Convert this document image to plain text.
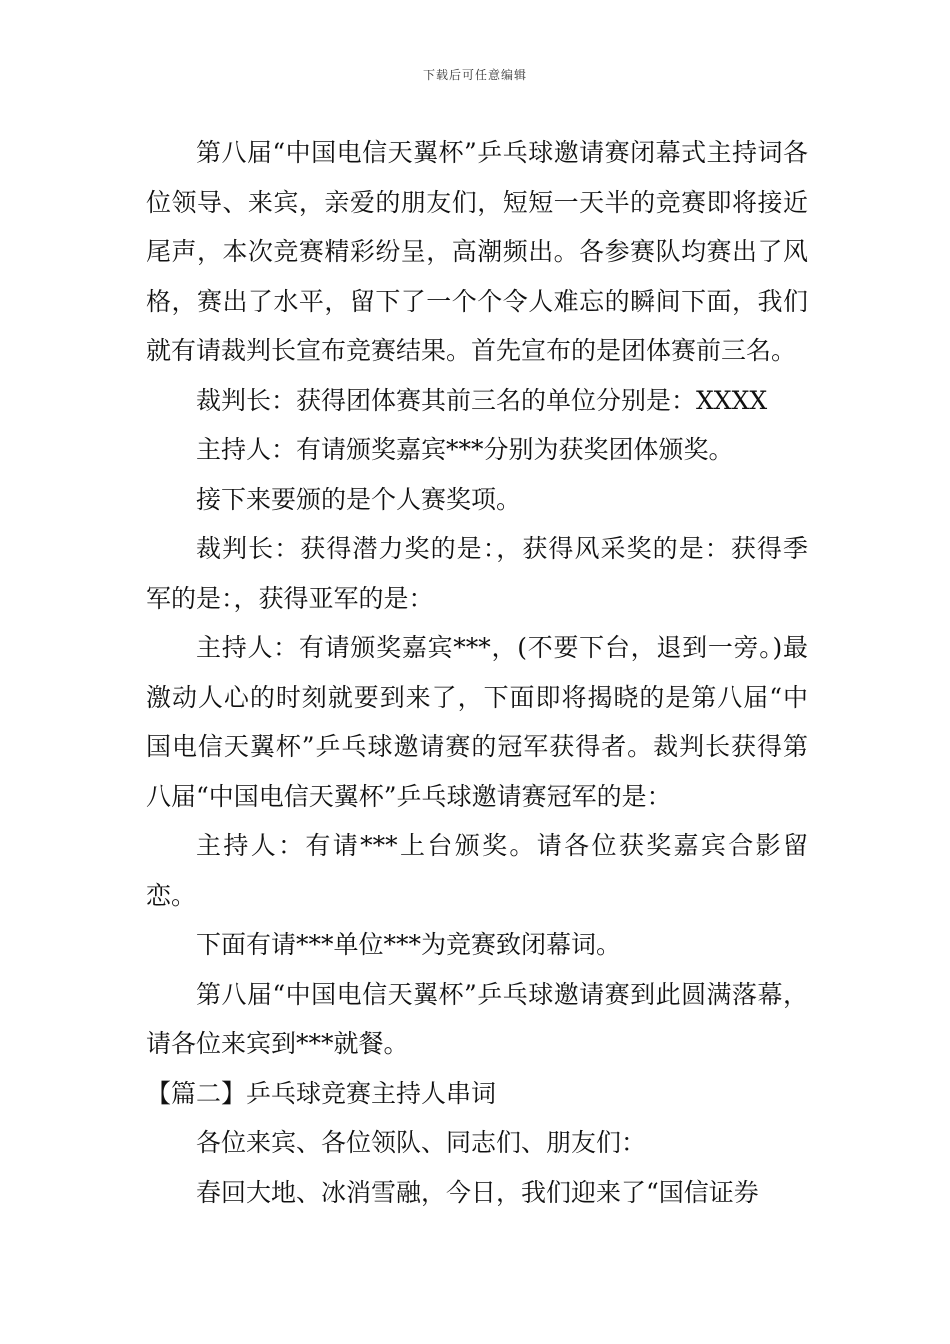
下载后可任意编辑

第八届“中国电信天翼杯”乒乓球邀请赛闭幕式主持词各位领导、来宾，亲爱的朋友们，短短一天半的竞赛即将接近尾声，本次竞赛精彩纷呈，高潮频出。各参赛队均赛出了风格，赛出了水平，留下了一个个令人难忘的瞬间下面，我们就有请裁判长宣布竞赛结果。首先宣布的是团体赛前三名。

裁判长：获得团体赛其前三名的单位分别是：XXXX

主持人：有请颁奖嘉宾***分别为获奖团体颁奖。

接下来要颁的是个人赛奖项。

裁判长：获得潜力奖的是：，获得风采奖的是：获得季军的是：，获得亚军的是：

主持人：有请颁奖嘉宾***，(不要下台，退到一旁。)最激动人心的时刻就要到来了，下面即将揭晓的是第八届“中国电信天翼杯”乒乓球邀请赛的冠军获得者。裁判长获得第八届“中国电信天翼杯”乒乓球邀请赛冠军的是：

主持人：有请***上台颁奖。请各位获奖嘉宾合影留恋。

下面有请***单位***为竞赛致闭幕词。

第八届“中国电信天翼杯”乒乓球邀请赛到此圆满落幕，请各位来宾到***就餐。

【篇二】乒乓球竞赛主持人串词

各位来宾、各位领队、同志们、朋友们：

春回大地、冰消雪融，今日，我们迎来了“国信证券
